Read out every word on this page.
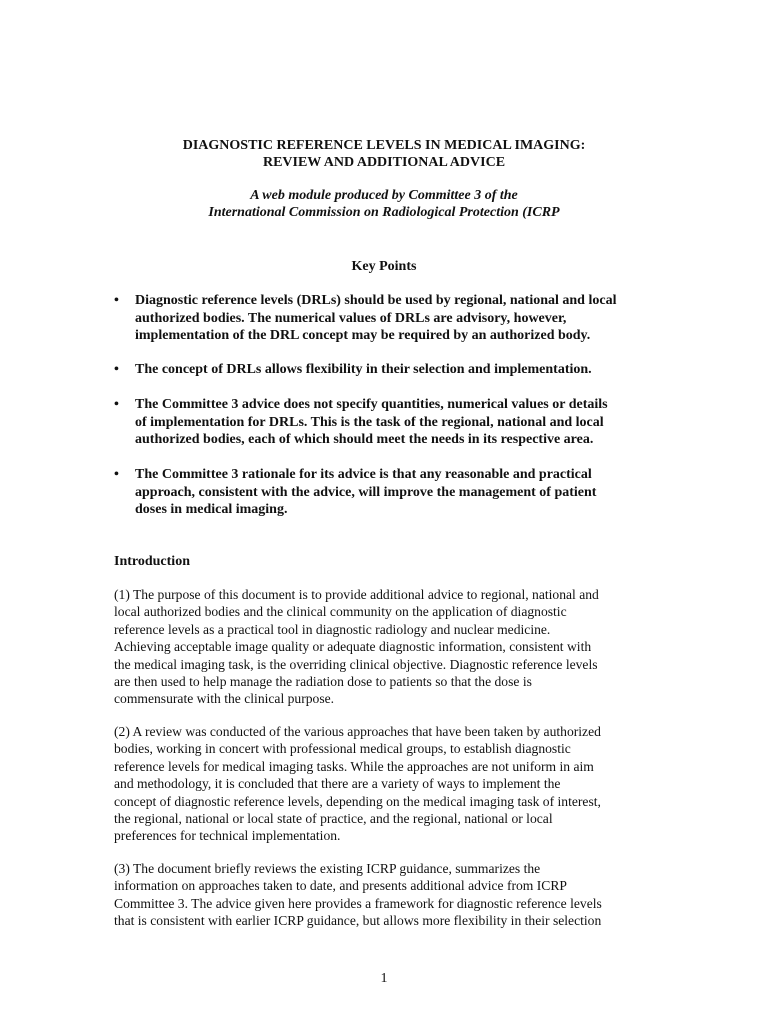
DIAGNOSTIC REFERENCE LEVELS IN MEDICAL IMAGING:
REVIEW AND ADDITIONAL ADVICE
A web module produced by Committee 3 of the
International Commission on Radiological Protection (ICRP
Key Points
•	Diagnostic reference levels (DRLs) should be used by regional, national and local
authorized bodies. The numerical values of DRLs are advisory, however,
implementation of the DRL concept may be required by an authorized body.
•	The concept of DRLs allows flexibility in their selection and implementation.
•	The Committee 3 advice does not specify quantities, numerical values or details
of implementation for DRLs. This is the task of the regional, national and local
authorized bodies, each of which should meet the needs in its respective area.
•	The Committee 3 rationale for its advice is that any reasonable and practical
approach, consistent with the advice, will improve the management of patient
doses in medical imaging.
Introduction
(1) The purpose of this document is to provide additional advice to regional, national and
local authorized bodies and the clinical community on the application of diagnostic
reference levels as a practical tool in diagnostic radiology and nuclear medicine.
Achieving acceptable image quality or adequate diagnostic information, consistent with
the medical imaging task, is the overriding clinical objective. Diagnostic reference levels
are then used to help manage the radiation dose to patients so that the dose is
commensurate with the clinical purpose.
(2) A review was conducted of the various approaches that have been taken by authorized
bodies, working in concert with professional medical groups, to establish diagnostic
reference levels for medical imaging tasks. While the approaches are not uniform in aim
and methodology, it is concluded that there are a variety of ways to implement the
concept of diagnostic reference levels, depending on the medical imaging task of interest,
the regional, national or local state of practice, and the regional, national or local
preferences for technical implementation.
(3) The document briefly reviews the existing ICRP guidance, summarizes the
information on approaches taken to date, and presents additional advice from ICRP
Committee 3. The advice given here provides a framework for diagnostic reference levels
that is consistent with earlier ICRP guidance, but allows more flexibility in their selection
1
